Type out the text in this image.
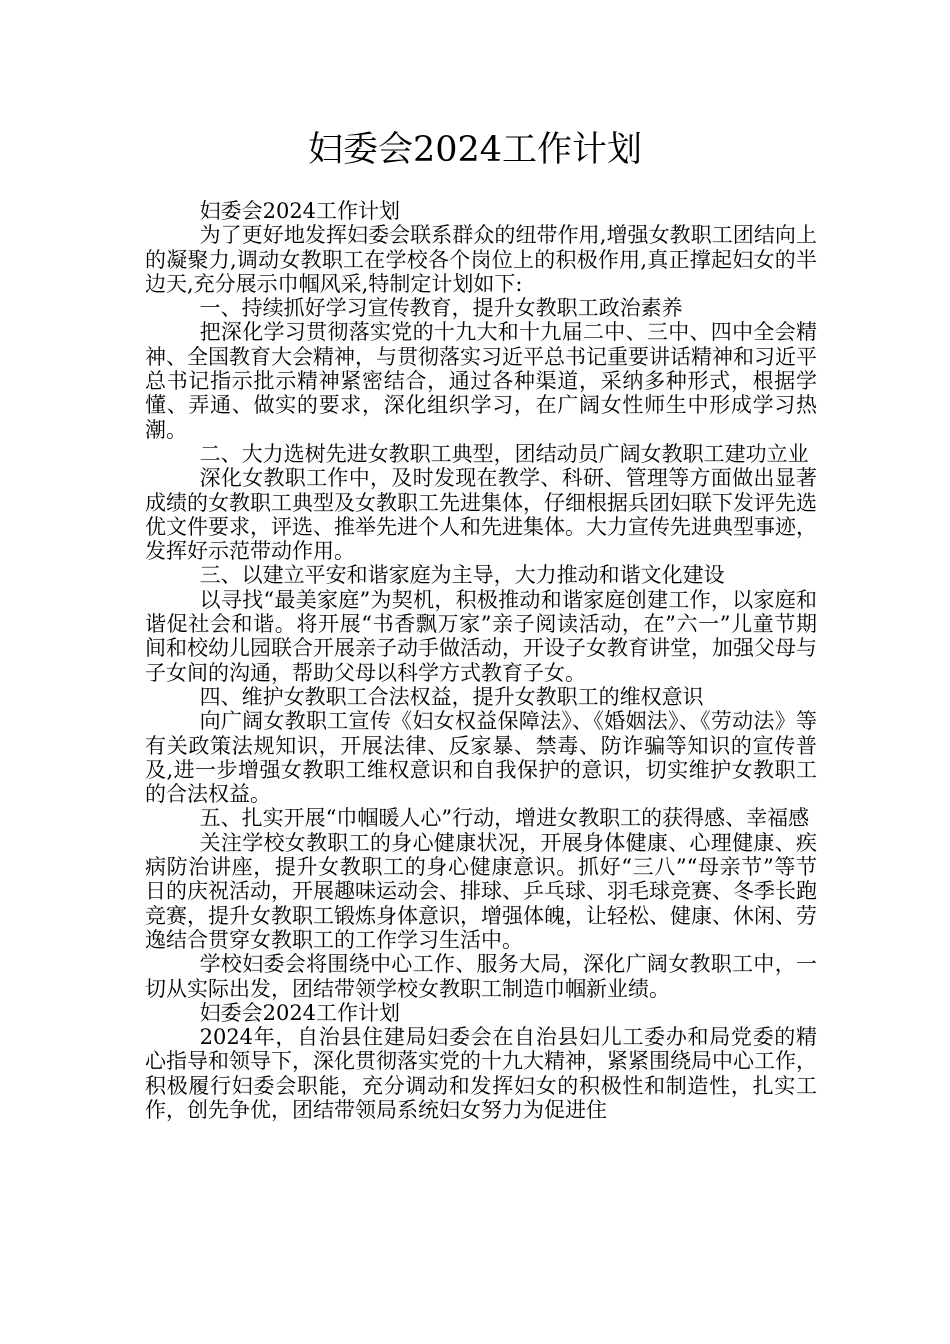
妇委会2024工作计划

妇委会2024工作计划

为了更好地发挥妇委会联系群众的纽带作用,增强女教职工团结向上的凝聚力,调动女教职工在学校各个岗位上的积极作用,真正撑起妇女的半边天,充分展示巾帼风采,特制定计划如下:

一、持续抓好学习宣传教育，提升女教职工政治素养

把深化学习贯彻落实党的十九大和十九届二中、三中、四中全会精神、全国教育大会精神，与贯彻落实习近平总书记重要讲话精神和习近平总书记指示批示精神紧密结合，通过各种渠道，采纳多种形式，根据学懂、弄通、做实的要求，深化组织学习，在广阔女性师生中形成学习热潮。

二、大力选树先进女教职工典型，团结动员广阔女教职工建功立业

深化女教职工作中，及时发现在教学、科研、管理等方面做出显著成绩的女教职工典型及女教职工先进集体，仔细根据兵团妇联下发评先选优文件要求，评选、推举先进个人和先进集体。大力宣传先进典型事迹，发挥好示范带动作用。

三、以建立平安和谐家庭为主导，大力推动和谐文化建设

以寻找“最美家庭”为契机，积极推动和谐家庭创建工作，以家庭和谐促社会和谐。将开展“书香飘万家”亲子阅读活动，在”六一”儿童节期间和校幼儿园联合开展亲子动手做活动，开设子女教育讲堂，加强父母与子女间的沟通，帮助父母以科学方式教育子女。

四、维护女教职工合法权益，提升女教职工的维权意识

向广阔女教职工宣传《妇女权益保障法》、《婚姻法》、《劳动法》等有关政策法规知识，开展法律、反家暴、禁毒、防诈骗等知识的宣传普及,进一步增强女教职工维权意识和自我保护的意识，切实维护女教职工的合法权益。

五、扎实开展“巾帼暖人心”行动，增进女教职工的获得感、幸福感

关注学校女教职工的身心健康状况，开展身体健康、心理健康、疾病防治讲座，提升女教职工的身心健康意识。抓好“三八”“母亲节”等节日的庆祝活动，开展趣味运动会、排球、乒乓球、羽毛球竞赛、冬季长跑竞赛，提升女教职工锻炼身体意识，增强体魄，让轻松、健康、休闲、劳逸结合贯穿女教职工的工作学习生活中。

学校妇委会将围绕中心工作、服务大局，深化广阔女教职工中，一切从实际出发，团结带领学校女教职工制造巾帼新业绩。

妇委会2024工作计划

2024年，自治县住建局妇委会在自治县妇儿工委办和局党委的精心指导和领导下，深化贯彻落实党的十九大精神，紧紧围绕局中心工作，积极履行妇委会职能，充分调动和发挥妇女的积极性和制造性，扎实工作，创先争优，团结带领局系统妇女努力为促进住
